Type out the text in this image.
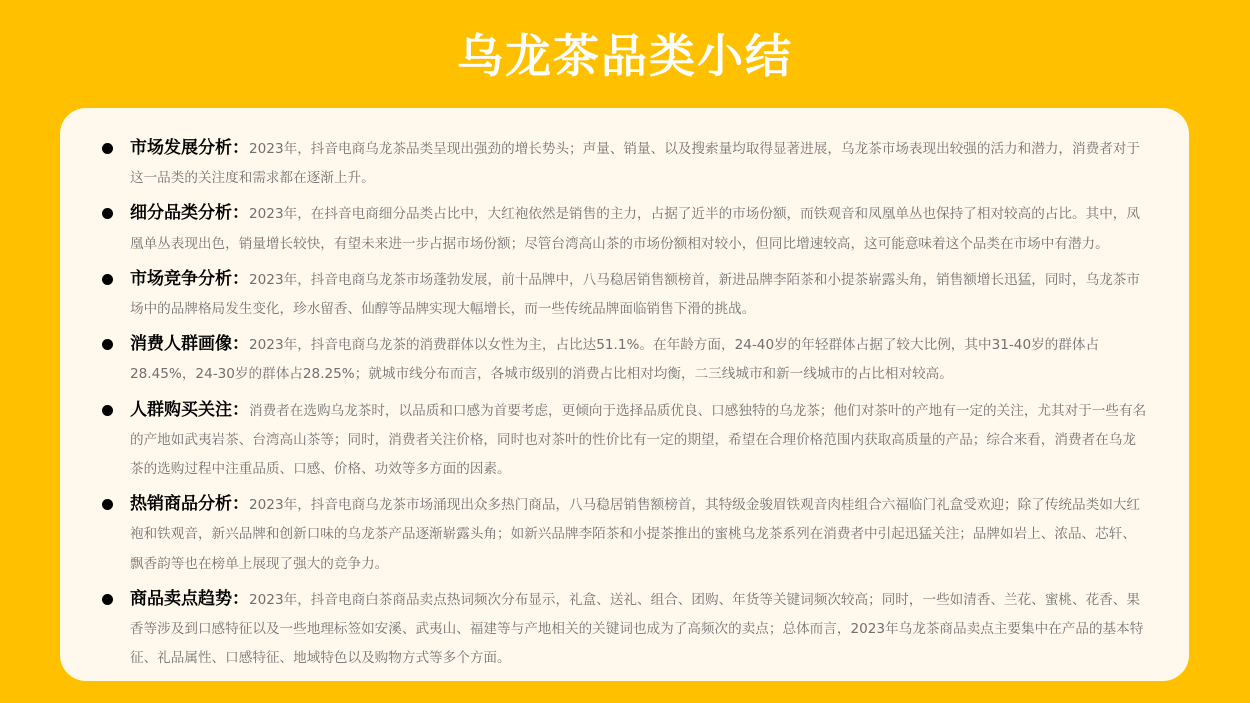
乌龙茶品类小结
市场发展分析：2023年，抖音电商乌龙茶品类呈现出强劲的增长势头；声量、销量、以及搜索量均取得显著进展，乌龙茶市场表现出较强的活力和潜力，消费者对于这一品类的关注度和需求都在逐渐上升。
细分品类分析：2023年，在抖音电商细分品类占比中，大红袍依然是销售的主力，占据了近半的市场份额，而铁观音和凤凰单丛也保持了相对较高的占比。其中，凤凰单丛表现出色，销量增长较快，有望未来进一步占据市场份额；尽管台湾高山茶的市场份额相对较小，但同比增速较高，这可能意味着这个品类在市场中有潜力。
市场竞争分析：2023年，抖音电商乌龙茶市场蓬勃发展，前十品牌中，八马稳居销售额榜首，新进品牌李陌茶和小提茶崭露头角，销售额增长迅猛，同时，乌龙茶市场中的品牌格局发生变化，珍水留香、仙醇等品牌实现大幅增长，而一些传统品牌面临销售下滑的挑战。
消费人群画像：2023年，抖音电商乌龙茶的消费群体以女性为主，占比达51.1%。在年龄方面，24-40岁的年轻群体占据了较大比例，其中31-40岁的群体占28.45%，24-30岁的群体占28.25%；就城市线分布而言，各城市级别的消费占比相对均衡，二三线城市和新一线城市的占比相对较高。
人群购买关注：消费者在选购乌龙茶时，以品质和口感为首要考虑，更倾向于选择品质优良、口感独特的乌龙茶；他们对茶叶的产地有一定的关注，尤其对于一些有名的产地如武夷岩茶、台湾高山茶等；同时，消费者关注价格，同时也对茶叶的性价比有一定的期望，希望在合理价格范围内获取高质量的产品；综合来看，消费者在乌龙茶的选购过程中注重品质、口感、价格、功效等多方面的因素。
热销商品分析：2023年，抖音电商乌龙茶市场涌现出众多热门商品，八马稳居销售额榜首，其特级金骏眉铁观音肉桂组合六福临门礼盒受欢迎；除了传统品类如大红袍和铁观音，新兴品牌和创新口味的乌龙茶产品逐渐崭露头角；如新兴品牌李陌茶和小提茶推出的蜜桃乌龙茶系列在消费者中引起迅猛关注；品牌如岩上、浓品、芯轩、飘香韵等也在榜单上展现了强大的竞争力。
商品卖点趋势：2023年，抖音电商白茶商品卖点热词频次分布显示，礼盒、送礼、组合、团购、年货等关键词频次较高；同时，一些如清香、兰花、蜜桃、花香、果香等涉及到口感特征以及一些地理标签如安溪、武夷山、福建等与产地相关的关键词也成为了高频次的卖点；总体而言，2023年乌龙茶商品卖点主要集中在产品的基本特征、礼品属性、口感特征、地域特色以及购物方式等多个方面。
